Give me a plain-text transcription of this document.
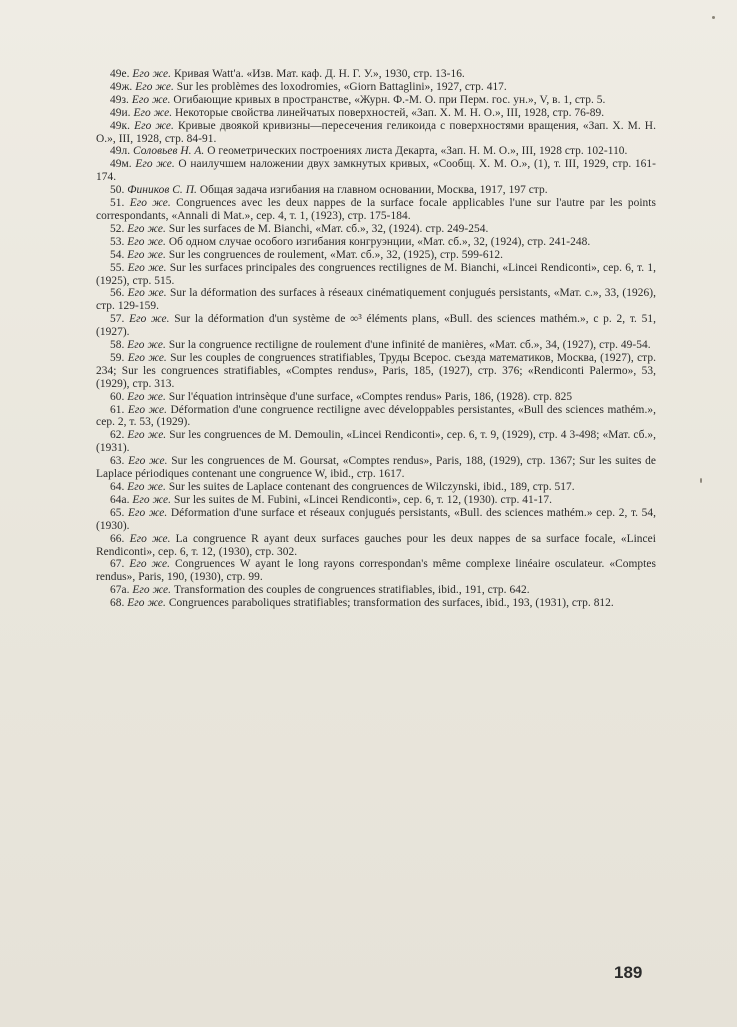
49e. Его же. Кривая Watt'a. «Изв. Мат. каф. Д. Н. Г. У.», 1930, стр. 13-16.

49ж. Его же. Sur les problèmes des loxodromies, «Giorn Battaglini», 1927, стр. 417.

49з. Его же. Огибающие кривых в пространстве, «Журн. Ф.-М. О. при Перм. гос. ун.», V, в. 1, стр. 5.

49и. Его же. Некоторые свойства линейчатых поверхностей, «Зап. Х. М. Н. О.», III, 1928, стр. 76-89.

49к. Его же. Кривые двоякой кривизны—пересечения геликоида с поверхностями вращения, «Зап. Х. М. Н. О.», III, 1928, стр. 84-91.

49л. Соловьев Н. А. О геометрических построениях листа Декарта, «Зап. Н. М. О.», III, 1928 стр. 102-110.

49м. Его же. О наилучшем наложении двух замкнутых кривых, «Сообщ. Х. М. О.», (1), т. III, 1929, стр. 161-174.

50. Фиников С. П. Общая задача изгибания на главном основании, Москва, 1917, 197 стр.

51. Его же. Congruences avec les deux nappes de la surface focale applicables l'une sur l'autre par les points correspondants, «Annali di Mat.», сер. 4, т. 1, (1923), стр. 175-184.

52. Его же. Sur les surfaces de M. Bianchi, «Мат. сб.», 32, (1924). стр. 249-254.

53. Его же. Об одном случае особого изгибания конгруэнции, «Мат. сб.», 32, (1924), стр. 241-248.

54. Его же. Sur les congruences de roulement, «Мат. сб.», 32, (1925), стр. 599-612.

55. Его же. Sur les surfaces principales des congruences rectilignes de M. Bianchi, «Lincei Rendiconti», сер. 6, т. 1, (1925), стр. 515.

56. Его же. Sur la déformation des surfaces à réseaux cinématiquement conjugués persistants, «Мат. с.», 33, (1926), стр. 129-159.

57. Его же. Sur la déformation d'un système de ∞³ éléments plans, «Bull. des sciences mathém.», с р. 2, т. 51, (1927).

58. Его же. Sur la congruence rectiligne de roulement d'une infinité de manières, «Мат. сб.», 34, (1927), стр. 49-54.

59. Его же. Sur les couples de congruences stratifiables, Труды Всерос. съезда математиков, Москва, (1927), стр. 234; Sur les congruences stratifiables, «Comptes rendus», Paris, 185, (1927), стр. 376; «Rendiconti Palermo», 53, (1929), стр. 313.

60. Его же. Sur l'équation intrinsèque d'une surface, «Comptes rendus» Paris, 186, (1928). стр. 825

61. Его же. Déformation d'une congruence rectiligne avec développables persistantes, «Bull des sciences mathém.», сер. 2, т. 53, (1929).

62. Его же. Sur les congruences de M. Demoulin, «Lincei Rendiconti», сер. 6, т. 9, (1929), стр. 4 3-498; «Мат. сб.», (1931).

63. Его же. Sur les congruences de M. Goursat, «Comptes rendus», Paris, 188, (1929), стр. 1367; Sur les suites de Laplace périodiques contenant une congruence W, ibid., стр. 1617.

64. Его же. Sur les suites de Laplace contenant des congruences de Wilczynski, ibid., 189, стр. 517.

64a. Его же. Sur les suites de M. Fubini, «Lincei Rendiconti», сер. 6, т. 12, (1930). стр. 41-17.

65. Его же. Déformation d'une surface et réseaux conjugués persistants, «Bull. des sciences mathém.» сер. 2, т. 54, (1930).

66. Его же. La congruence R ayant deux surfaces gauches pour les deux nappes de sa surface focale, «Lincei Rendiconti», сер. 6, т. 12, (1930), стр. 302.

67. Его же. Congruences W ayant le long rayons correspondan's même complexe linéaire osculateur. «Comptes rendus», Paris, 190, (1930), стр. 99.

67a. Его же. Transformation des couples de congruences stratifiables, ibid., 191, стр. 642.

68. Его же. Congruences paraboliques stratifiables; transformation des surfaces, ibid., 193, (1931), стр. 812.

189
